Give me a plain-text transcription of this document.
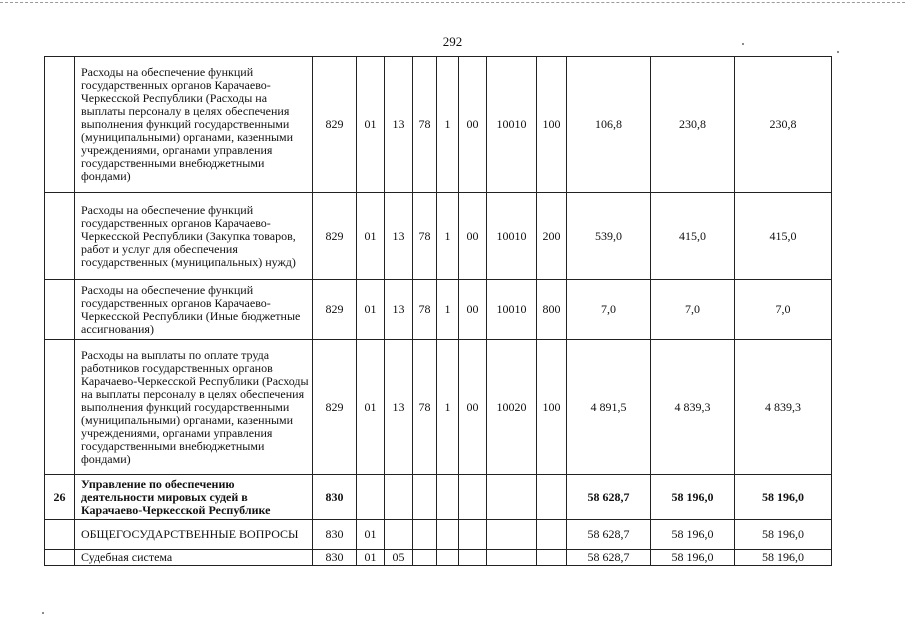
292
	Расходы на обеспечение функций государственных органов Карачаево-Черкесской Республики (Расходы на выплаты персоналу в целях обеспечения выполнения функций государственными (муниципальными) органами, казенными учреждениями, органами управления государственными внебюджетными фондами)	829	01	13	78	1	00	10010	100	106,8	230,8	230,8
	Расходы на обеспечение функций государственных органов Карачаево-Черкесской Республики (Закупка товаров, работ и услуг для обеспечения государственных (муниципальных) нужд)	829	01	13	78	1	00	10010	200	539,0	415,0	415,0
	Расходы на обеспечение функций государственных органов Карачаево-Черкесской Республики (Иные бюджетные ассигнования)	829	01	13	78	1	00	10010	800	7,0	7,0	7,0
	Расходы на выплаты по оплате труда работников государственных органов Карачаево-Черкесской Республики (Расходы на выплаты персоналу в целях обеспечения выполнения функций государственными (муниципальными) органами, казенными учреждениями, органами управления государственными внебюджетными фондами)	829	01	13	78	1	00	10020	100	4 891,5	4 839,3	4 839,3
26	Управление по обеспечению деятельности мировых судей в Карачаево-Черкесской Республике	830								58 628,7	58 196,0	58 196,0
	ОБЩЕГОСУДАРСТВЕННЫЕ ВОПРОСЫ	830	01							58 628,7	58 196,0	58 196,0
	Судебная система	830	01	05						58 628,7	58 196,0	58 196,0
